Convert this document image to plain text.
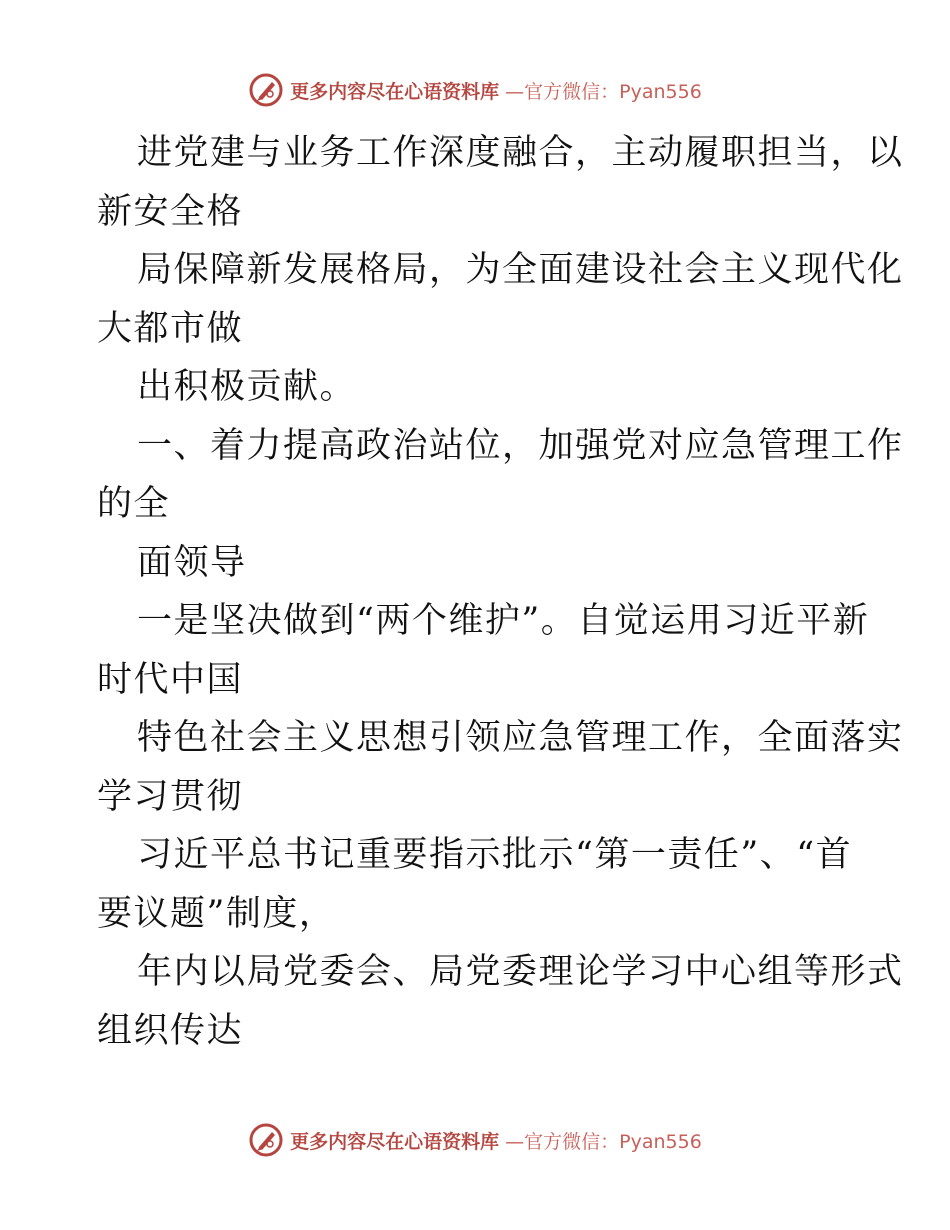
更多内容尽在心语资料库 —官方微信：Pyan556
进党建与业务工作深度融合，主动履职担当，以
新安全格
局保障新发展格局，为全面建设社会主义现代化
大都市做
出积极贡献。
一、着力提高政治站位，加强党对应急管理工作
的全
面领导
一是坚决做到“两个维护”。自觉运用习近平新
时代中国
特色社会主义思想引领应急管理工作，全面落实
学习贯彻
习近平总书记重要指示批示“第一责任”、“首
要议题”制度，
年内以局党委会、局党委理论学习中心组等形式
组织传达
更多内容尽在心语资料库 —官方微信：Pyan556
